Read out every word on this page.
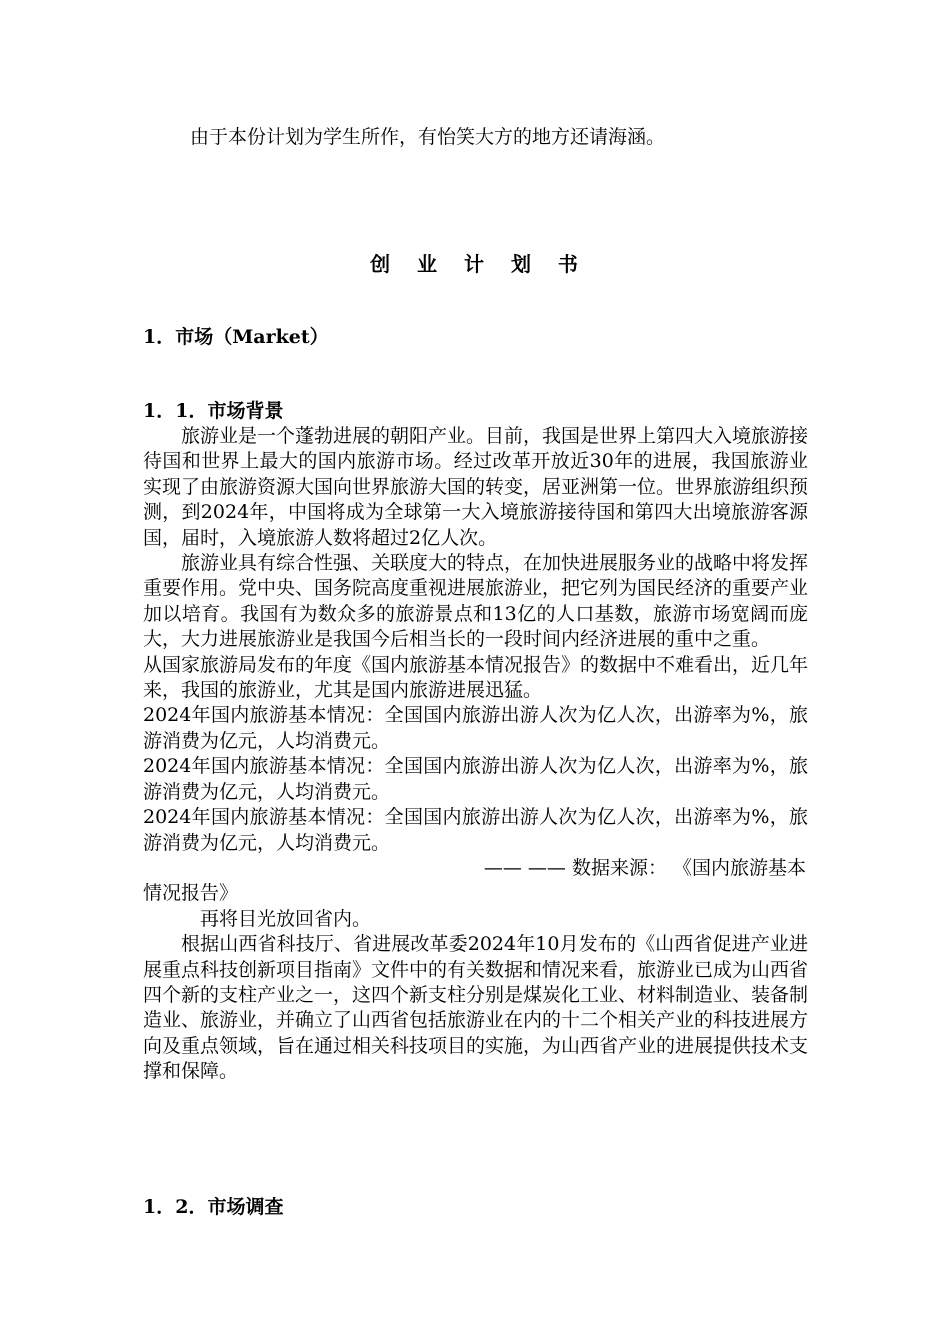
由于本份计划为学生所作，有怡笑大方的地方还请海涵。
创 业 计 划 书
1．市场（Market）
1．1．市场背景

旅游业是一个蓬勃进展的朝阳产业。目前，我国是世界上第四大入境旅游接待国和世界上最大的国内旅游市场。经过改革开放近30年的进展，我国旅游业实现了由旅游资源大国向世界旅游大国的转变，居亚洲第一位。世界旅游组织预测，到2024年，中国将成为全球第一大入境旅游接待国和第四大出境旅游客源国，届时，入境旅游人数将超过2亿人次。

旅游业具有综合性强、关联度大的特点，在加快进展服务业的战略中将发挥重要作用。党中央、国务院高度重视进展旅游业，把它列为国民经济的重要产业加以培育。我国有为数众多的旅游景点和13亿的人口基数，旅游市场宽阔而庞大，大力进展旅游业是我国今后相当长的一段时间内经济进展的重中之重。

从国家旅游局发布的年度《国内旅游基本情况报告》的数据中不难看出，近几年来，我国的旅游业，尤其是国内旅游进展迅猛。

2024年国内旅游基本情况：全国国内旅游出游人次为亿人次，出游率为%，旅游消费为亿元，人均消费元。

2024年国内旅游基本情况：全国国内旅游出游人次为亿人次，出游率为%，旅游消费为亿元，人均消费元。

2024年国内旅游基本情况：全国国内旅游出游人次为亿人次，出游率为%，旅游消费为亿元，人均消费元。

—— —— 数据来源： 《国内旅游基本

情况报告》

再将目光放回省内。

根据山西省科技厅、省进展改革委2024年10月发布的《山西省促进产业进展重点科技创新项目指南》文件中的有关数据和情况来看，旅游业已成为山西省四个新的支柱产业之一，这四个新支柱分别是煤炭化工业、材料制造业、装备制造业、旅游业，并确立了山西省包括旅游业在内的十二个相关产业的科技进展方向及重点领域，旨在通过相关科技项目的实施，为山西省产业的进展提供技术支撑和保障。

1．2．市场调查
